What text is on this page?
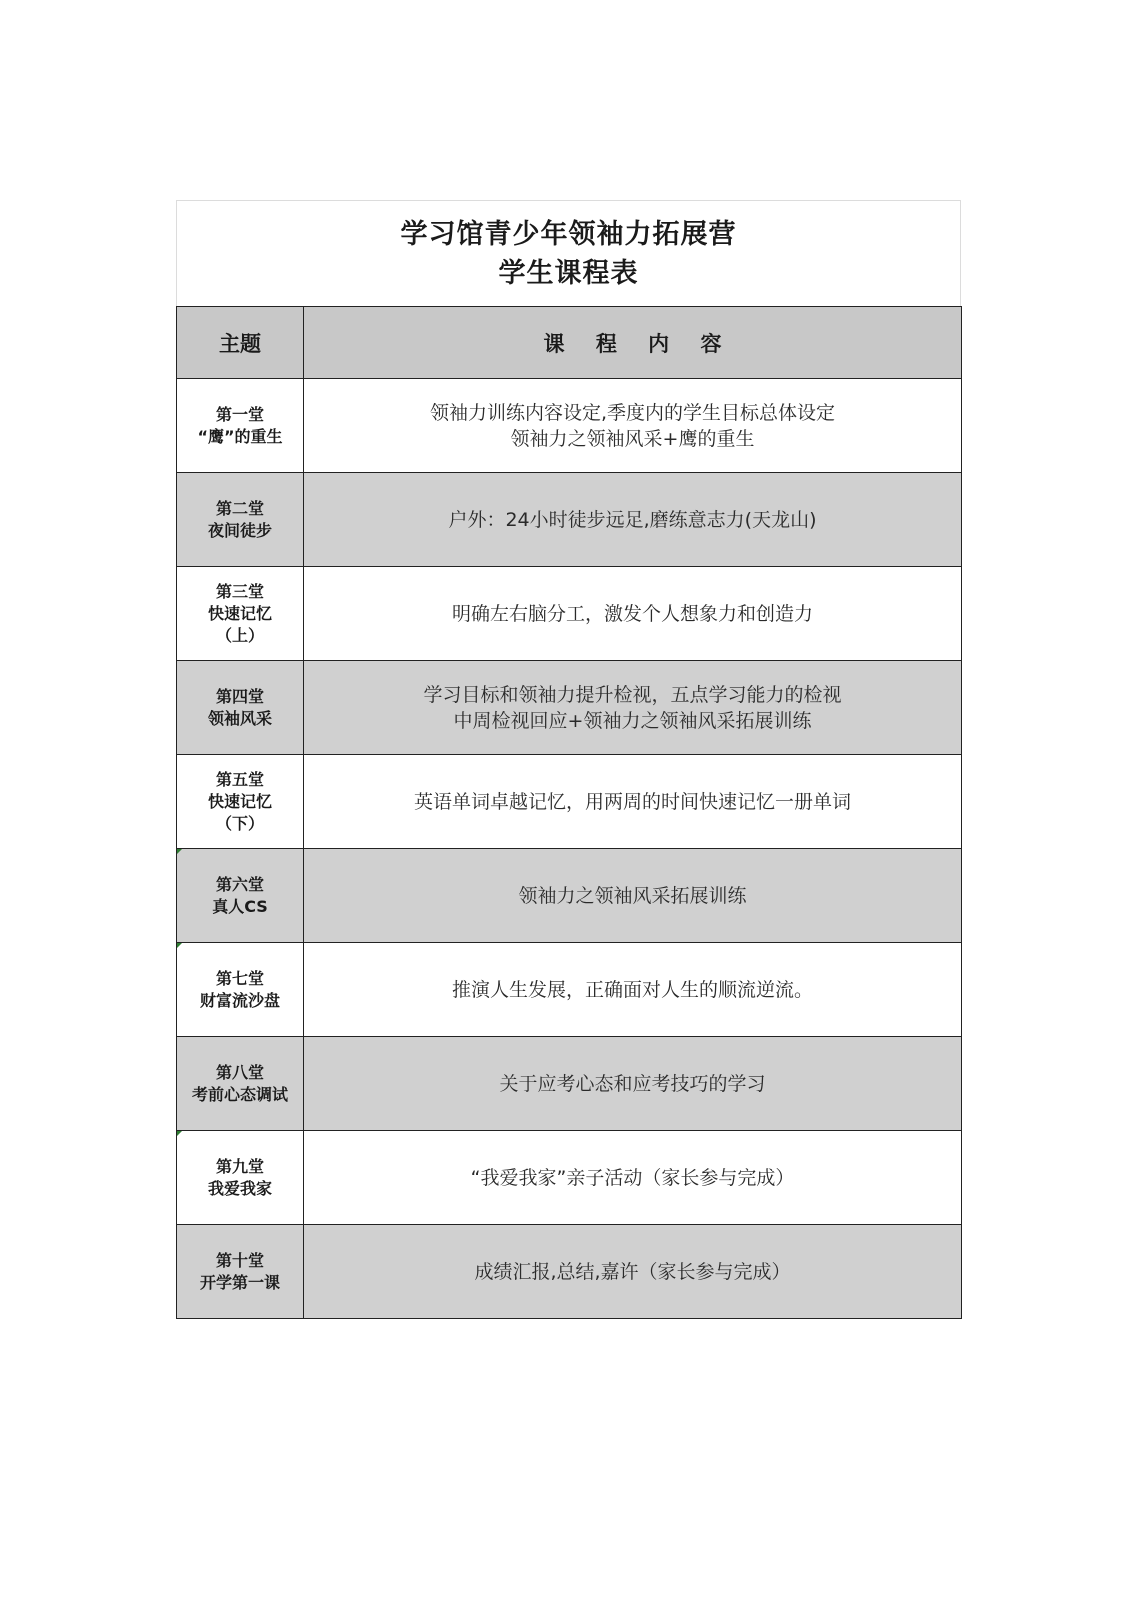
学习馆青少年领袖力拓展营
学生课程表
主题	课 程 内 容

第一堂
“鹰”的重生	领袖力训练内容设定,季度内的学生目标总体设定
领袖力之领袖风采+鹰的重生

第二堂
夜间徒步	户外：24小时徒步远足,磨练意志力(天龙山)

第三堂
快速记忆
（上）	明确左右脑分工，激发个人想象力和创造力

第四堂
领袖风采	学习目标和领袖力提升检视，五点学习能力的检视
中周检视回应+领袖力之领袖风采拓展训练

第五堂
快速记忆
（下）	英语单词卓越记忆，用两周的时间快速记忆一册单词

第六堂
真人CS	领袖力之领袖风采拓展训练

第七堂
财富流沙盘	推演人生发展，正确面对人生的顺流逆流。

第八堂
考前心态调试	关于应考心态和应考技巧的学习

第九堂
我爱我家	“我爱我家”亲子活动（家长参与完成）

第十堂
开学第一课	成绩汇报,总结,嘉许（家长参与完成）
